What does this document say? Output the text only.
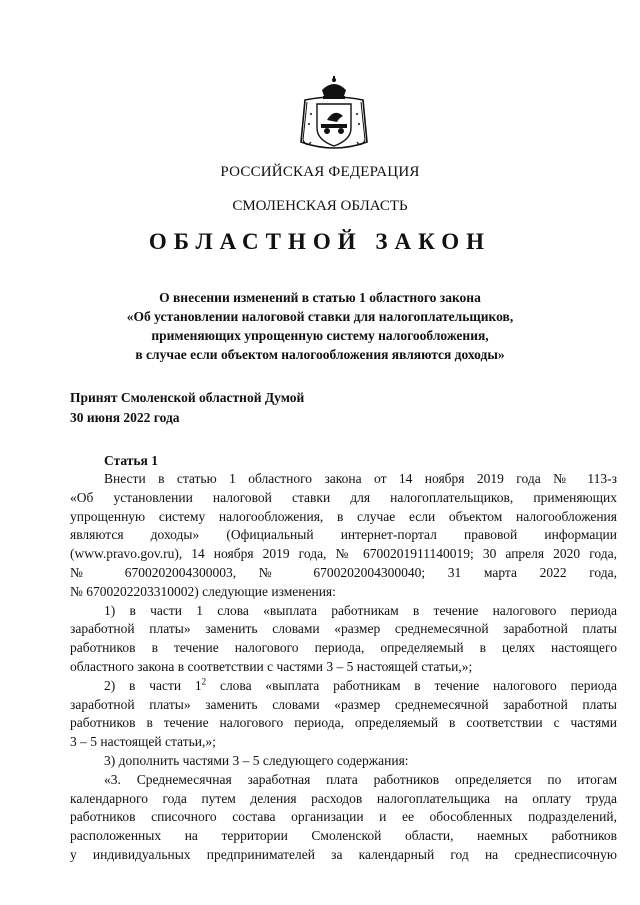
РОССИЙСКАЯ ФЕДЕРАЦИЯ
СМОЛЕНСКАЯ ОБЛАСТЬ
ОБЛАСТНОЙ ЗАКОН
О внесении изменений в статью 1 областного закона
«Об установлении налоговой ставки для налогоплательщиков,
применяющих упрощенную систему налогообложения,
в случае если объектом налогообложения являются доходы»
Принят Смоленской областной Думой
30 июня 2022 года
Статья 1
Внести в статью 1 областного закона от 14 ноября 2019 года № 113-з
«Об установлении налоговой ставки для налогоплательщиков, применяющих
упрощенную систему налогообложения, в случае если объектом налогообложения
являются доходы» (Официальный интернет-портал правовой информации
(www.pravo.gov.ru), 14 ноября 2019 года, № 6700201911140019; 30 апреля 2020 года,
№ 6700202004300003, № 6700202004300040; 31 марта 2022 года,
№ 6700202203310002) следующие изменения:
1) в части 1 слова «выплата работникам в течение налогового периода
заработной платы» заменить словами «размер среднемесячной заработной платы
работников в течение налогового периода, определяемый в целях настоящего
областного закона в соответствии с частями 3 – 5 настоящей статьи,»;
2) в части $1^2$ слова «выплата работникам в течение налогового периода
заработной платы» заменить словами «размер среднемесячной заработной платы
работников в течение налогового периода, определяемый в соответствии с частями
3 – 5 настоящей статьи,»;
3) дополнить частями 3 – 5 следующего содержания:
«3. Среднемесячная заработная плата работников определяется по итогам
календарного года путем деления расходов налогоплательщика на оплату труда
работников списочного состава организации и ее обособленных подразделений,
расположенных на территории Смоленской области, наемных работников
у индивидуальных предпринимателей за календарный год на среднесписочную
